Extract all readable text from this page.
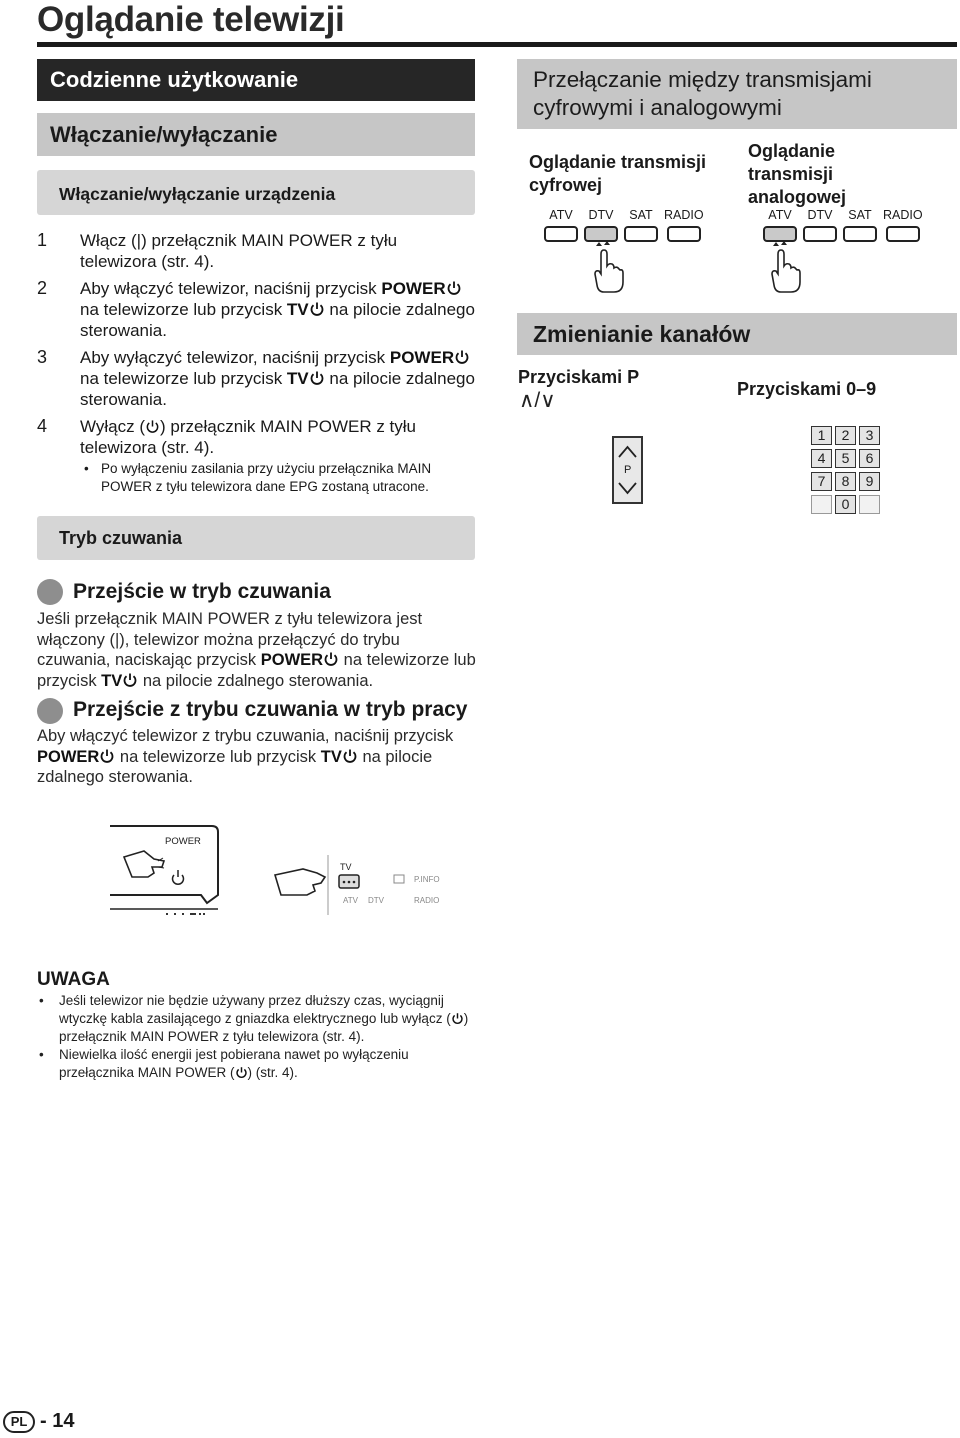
Oglądanie telewizji
Codzienne użytkowanie
Włączanie/wyłączanie
Włączanie/wyłączanie urządzenia
1 Włącz (|) przełącznik MAIN POWER z tyłu telewizora (str. 4).
2 Aby włączyć telewizor, naciśnij przycisk POWER na telewizorze lub przycisk TV na pilocie zdalnego sterowania.
3 Aby wyłączyć telewizor, naciśnij przycisk POWER na telewizorze lub przycisk TV na pilocie zdalnego sterowania.
4 Wyłącz ( ) przełącznik MAIN POWER z tyłu telewizora (str. 4).
• Po wyłączeniu zasilania przy użyciu przełącznika MAIN POWER z tyłu telewizora dane EPG zostaną utracone.
Tryb czuwania
Przejście w tryb czuwania
Jeśli przełącznik MAIN POWER z tyłu telewizora jest włączony (|), telewizor można przełączyć do trybu czuwania, naciskając przycisk POWER na telewizorze lub przycisk TV na pilocie zdalnego sterowania.
Przejście z trybu czuwania w tryb pracy
Aby włączyć telewizor z trybu czuwania, naciśnij przycisk POWER na telewizorze lub przycisk TV na pilocie zdalnego sterowania.
POWER
TV
P.INFO
ATV DTV	RADIO
Przełączanie między transmisjami cyfrowymi i analogowymi
Oglądanie transmisji cyfrowej
Oglądanie transmisji analogowej
ATV DTV SAT RADIO	ATV DTV SAT RADIO
Zmienianie kanałów
Przyciskami P
∧/∨	Przyciskami 0–9
P
1	2	3
4	5	6
7	8	9
0
UWAGA
• Jeśli telewizor nie będzie używany przez dłuższy czas, wyciągnij wtyczkę kabla zasilającego z gniazdka elektrycznego lub wyłącz ( ) przełącznik MAIN POWER z tyłu telewizora (str. 4).
• Niewielka ilość energii jest pobierana nawet po wyłączeniu przełącznika MAIN POWER ( ) (str. 4).
PL - 14
